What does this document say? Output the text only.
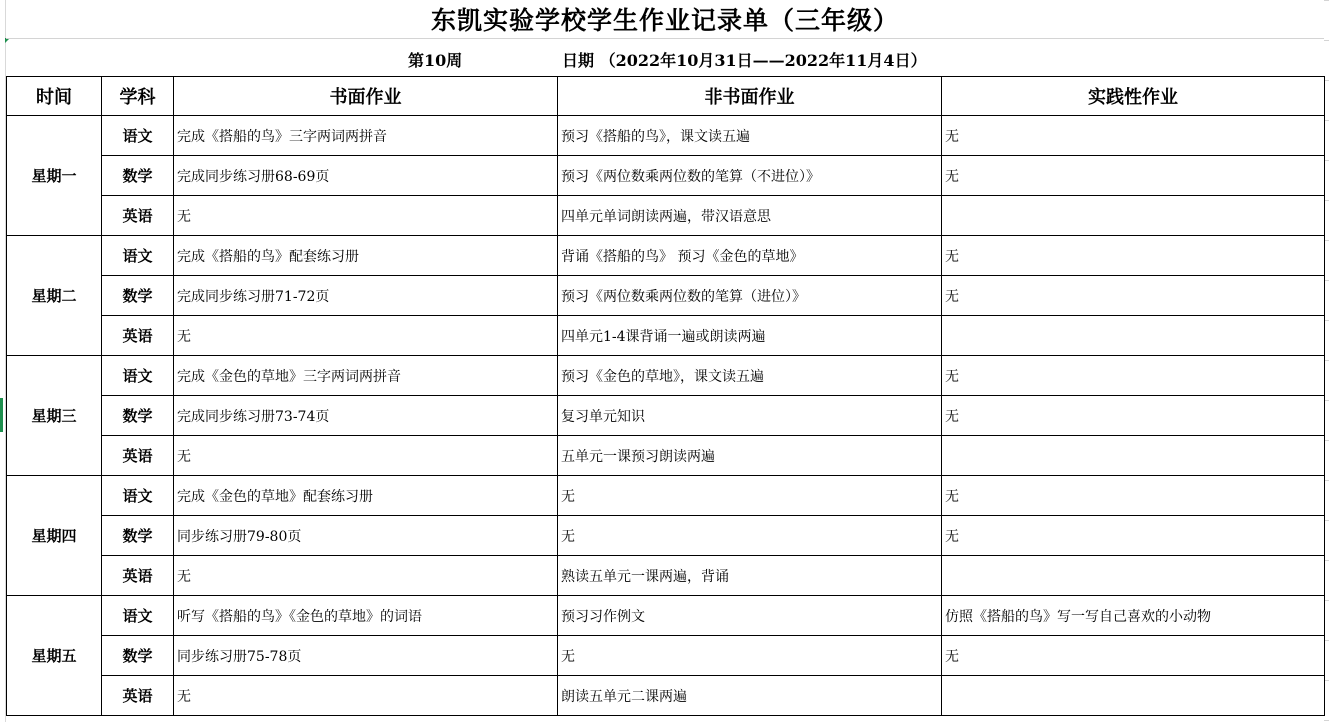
东凯实验学校学生作业记录单（三年级）
第10周	日期 （2022年10月31日——2022年11月4日）
时间	学科	书面作业	非书面作业	实践性作业
星期一	语文	完成《搭船的鸟》三字两词两拼音	预习《搭船的鸟》，课文读五遍	无
	数学	完成同步练习册68-69页	预习《两位数乘两位数的笔算（不进位）》	无
	英语	无	四单元单词朗读两遍，带汉语意思	
星期二	语文	完成《搭船的鸟》配套练习册	背诵《搭船的鸟》 预习《金色的草地》	无
	数学	完成同步练习册71-72页	预习《两位数乘两位数的笔算（进位）》	无
	英语	无	四单元1-4课背诵一遍或朗读两遍	
星期三	语文	完成《金色的草地》三字两词两拼音	预习《金色的草地》，课文读五遍	无
	数学	完成同步练习册73-74页	复习单元知识	无
	英语	无	五单元一课预习朗读两遍	
星期四	语文	完成《金色的草地》配套练习册	无	无
	数学	同步练习册79-80页	无	无
	英语	无	熟读五单元一课两遍，背诵	
星期五	语文	听写《搭船的鸟》《金色的草地》的词语	预习习作例文	仿照《搭船的鸟》写一写自己喜欢的小动物
	数学	同步练习册75-78页	无	无
	英语	无	朗读五单元二课两遍	
